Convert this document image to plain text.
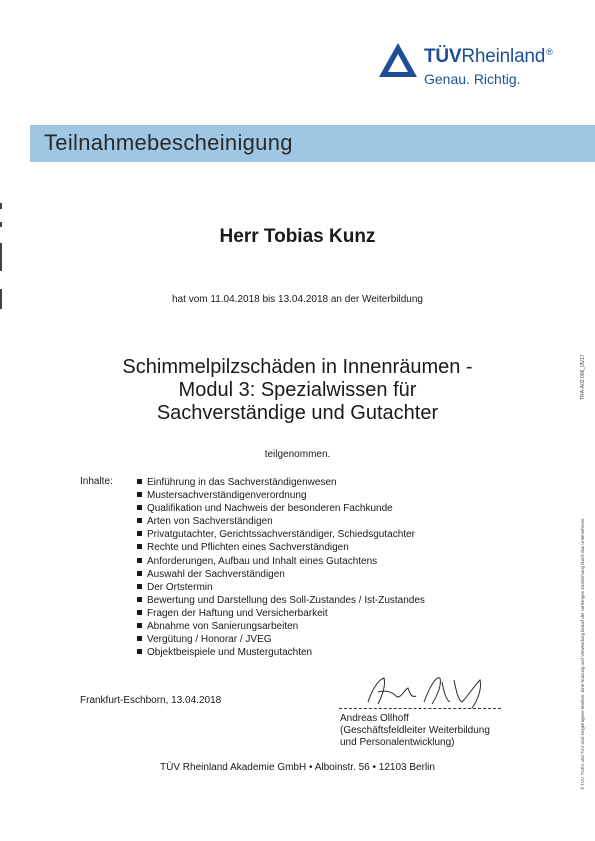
TÜVRheinland®
Genau. Richtig.
Teilnahmebescheinigung
Herr Tobias Kunz
hat vom 11.04.2018 bis 13.04.2018 an der Weiterbildung
Schimmelpilzschäden in Innenräumen -
Modul 3: Spezialwissen für
Sachverständige und Gutachter
teilgenommen.
Inhalte:	Einführung in das Sachverständigenwesen
Mustersachverständigenverordnung
Qualifikation und Nachweis der besonderen Fachkunde
Arten von Sachverständigen
Privatgutachter, Gerichtssachverständiger, Schiedsgutachter
Rechte und Pflichten eines Sachverständigen
Anforderungen, Aufbau und Inhalt eines Gutachtens
Auswahl der Sachverständigen
Der Ortstermin
Bewertung und Darstellung des Soll-Zustandes / Ist-Zustandes
Fragen der Haftung und Versicherbarkeit
Abnahme von Sanierungsarbeiten
Vergütung / Honorar / JVEG
Objektbeispiele und Mustergutachten
Frankfurt-Eschborn, 13.04.2018
Andreas Ollhoff
(Geschäftsfeldleiter Weiterbildung
und Personalentwicklung)
TÜV Rheinland Akademie GmbH • Alboinstr. 56 • 12103 Berlin
TRA-A02 006_05/17
® TÜV, TUEV und TUV sind eingetragene Marken. Eine Nutzung und Verwendung bedarf der vorherigen Zustimmung durch das Unternehmen.
